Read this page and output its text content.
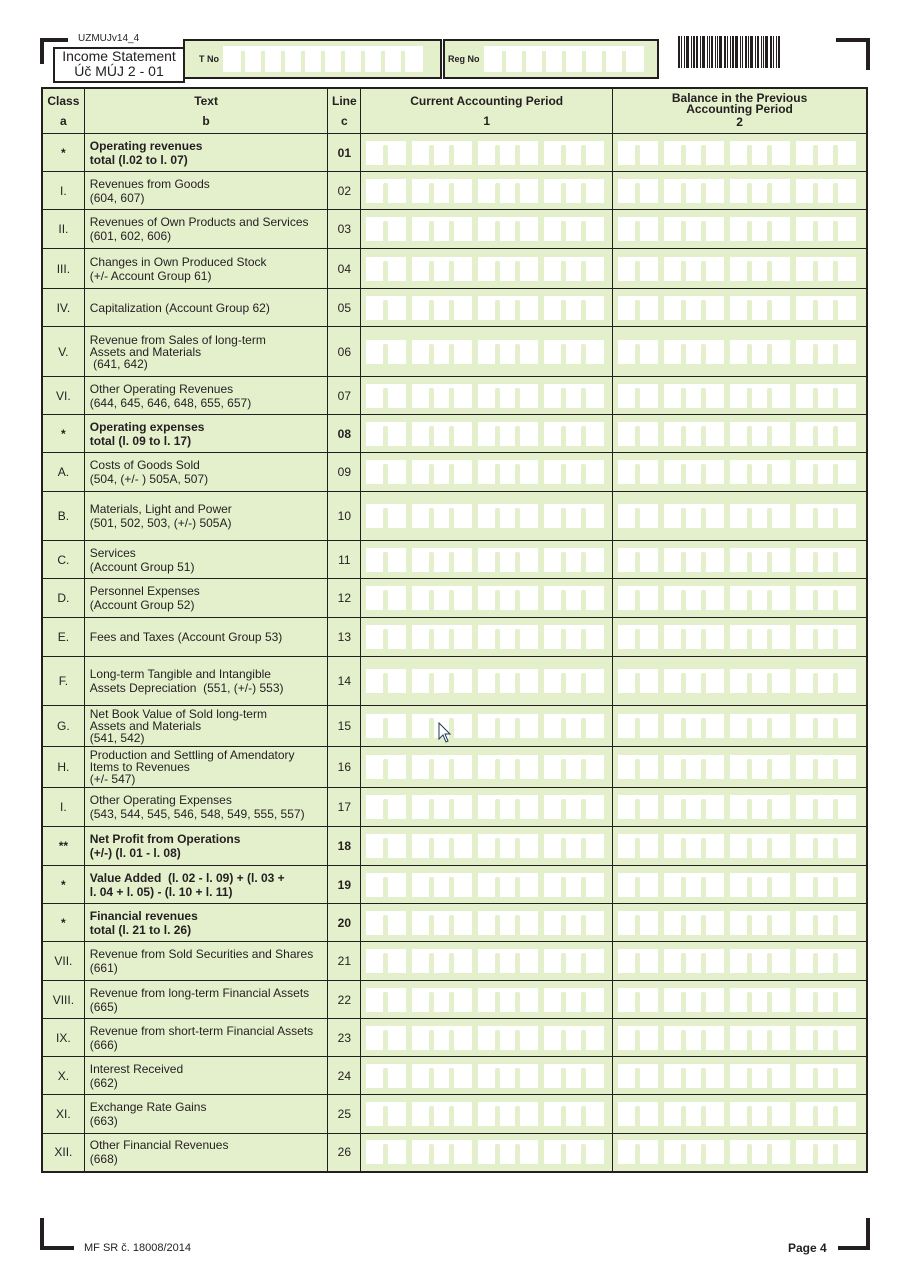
UZMUJv14_4
Income Statement
Úč MÚJ 2 - 01
T No	Reg No
Class
a	Text
b	Line
c	Current Accounting Period
1	Balance in the Previous Accounting Period
2

*	Operating revenues
total (l.02 to l. 07)	01	

I.	Revenues from Goods
(604, 607)	02	

II.	Revenues of Own Products and Services
(601, 602, 606)	03	

III.	Changes in Own Produced Stock
(+/- Account Group 61)	04	

IV.	Capitalization (Account Group 62)	05	

V.	Revenue from Sales of long-term
Assets and Materials
(641, 642)	06	

VI.	Other Operating Revenues
(644, 645, 646, 648, 655, 657)	07	

*	Operating expenses
total (l. 09 to l. 17)	08	

A.	Costs of Goods Sold
(504, (+/- ) 505A, 507)	09	

B.	Materials, Light and Power
(501, 502, 503, (+/-) 505A)	10	

C.	Services
(Account Group 51)	11	

D.	Personnel Expenses
(Account Group 52)	12	

E.	Fees and Taxes (Account Group 53)	13	

F.	Long-term Tangible and Intangible
Assets Depreciation  (551, (+/-) 553)	14	

G.	Net Book Value of Sold long-term
Assets and Materials
(541, 542)	15	

H.	Production and Settling of Amendatory
Items to Revenues
(+/- 547)	16	

I.	Other Operating Expenses
(543, 544, 545, 546, 548, 549, 555, 557)	17	

**	Net Profit from Operations
(+/-) (l. 01 - l. 08)	18	

*	Value Added  (l. 02 - l. 09) + (l. 03 +
l. 04 + l. 05) - (l. 10 + l. 11)	19	

*	Financial revenues
total (l. 21 to l. 26)	20	

VII.	Revenue from Sold Securities and Shares
(661)	21	

VIII.	Revenue from long-term Financial Assets
(665)	22	

IX.	Revenue from short-term Financial Assets
(666)	23	

X.	Interest Received
(662)	24	

XI.	Exchange Rate Gains
(663)	25	

XII.	Other Financial Revenues
(668)	26	

MF SR č. 18008/2014	Page 4
